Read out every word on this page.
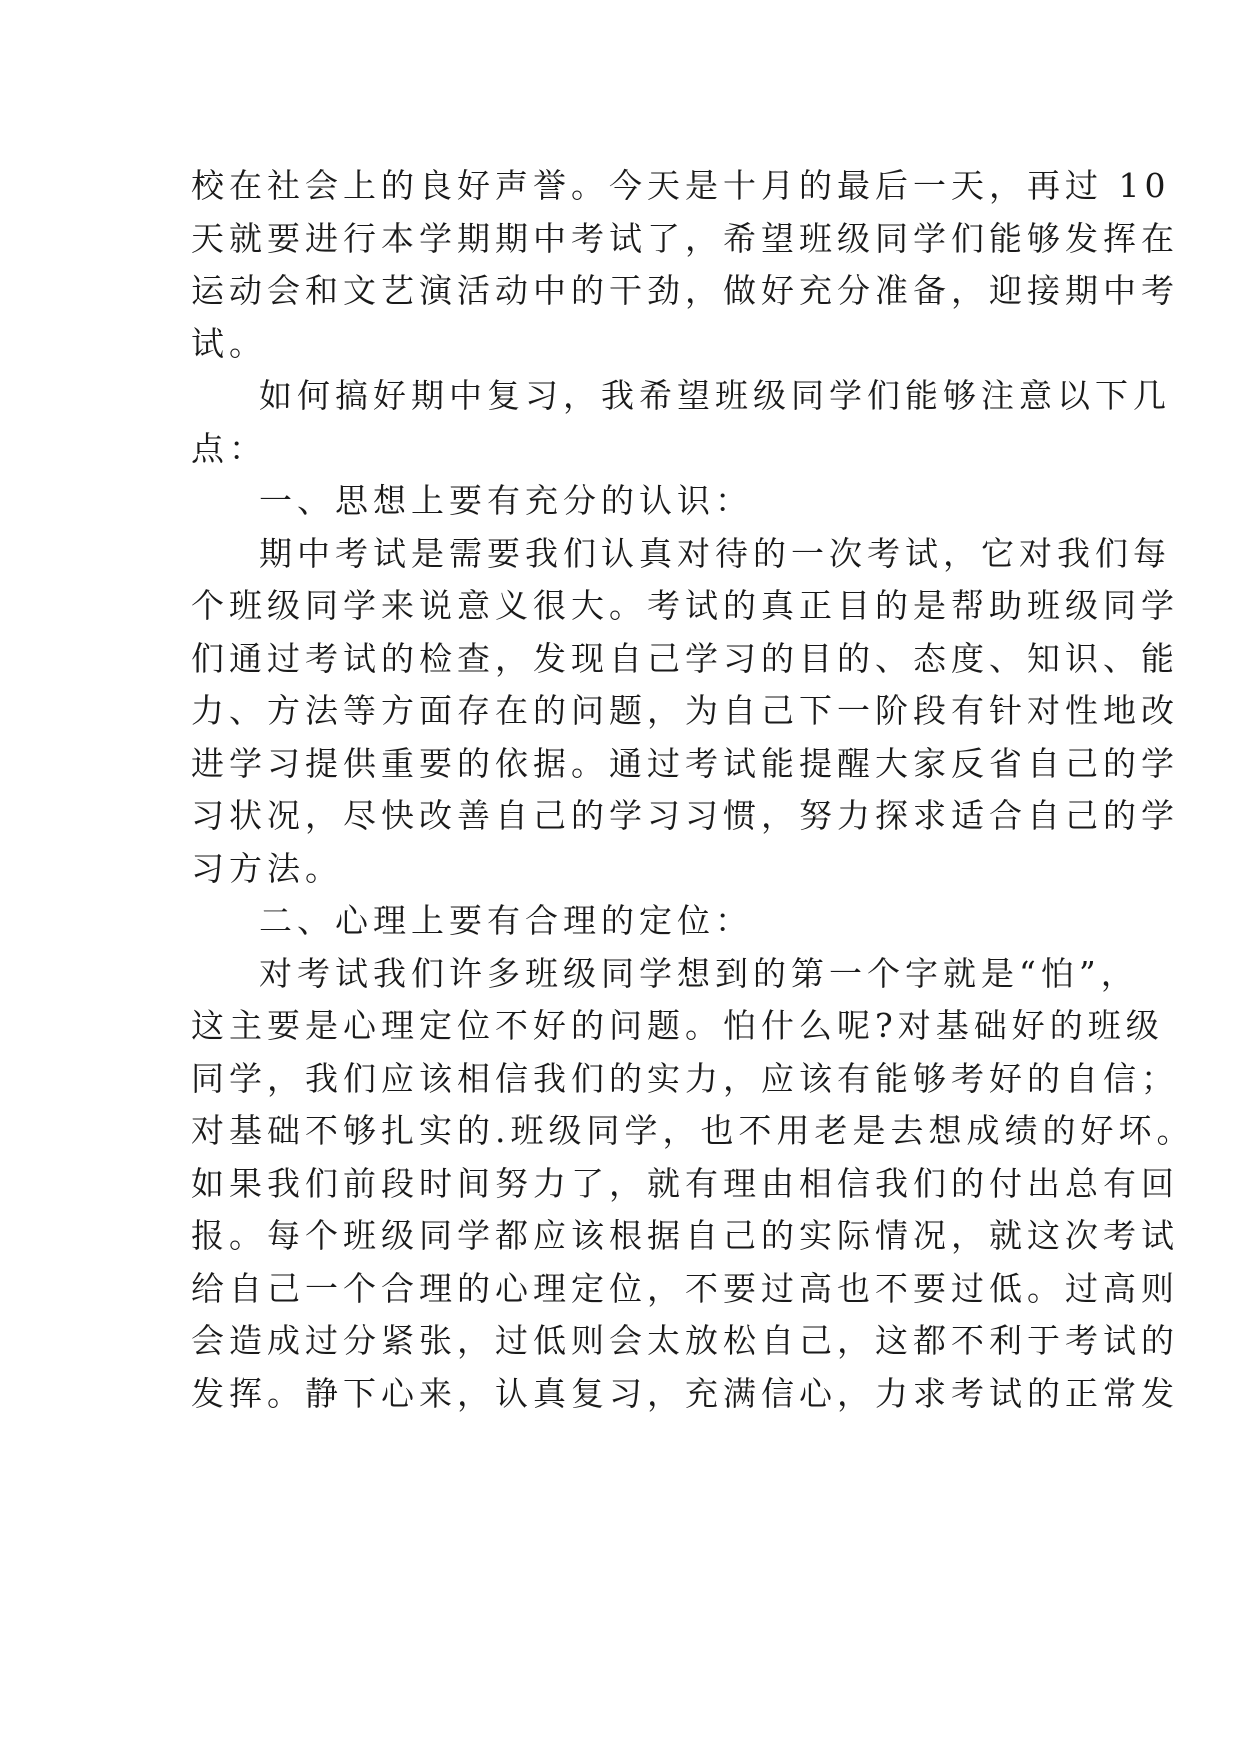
校在社会上的良好声誉。今天是十月的最后一天，再过 10
天就要进行本学期期中考试了，希望班级同学们能够发挥在
运动会和文艺演活动中的干劲，做好充分准备，迎接期中考
试。
如何搞好期中复习，我希望班级同学们能够注意以下几
点：
一、思想上要有充分的认识：
期中考试是需要我们认真对待的一次考试，它对我们每
个班级同学来说意义很大。考试的真正目的是帮助班级同学
们通过考试的检查，发现自己学习的目的、态度、知识、能
力、方法等方面存在的问题，为自己下一阶段有针对性地改
进学习提供重要的依据。通过考试能提醒大家反省自己的学
习状况，尽快改善自己的学习习惯，努力探求适合自己的学
习方法。
二、心理上要有合理的定位：
对考试我们许多班级同学想到的第一个字就是“怕”，
这主要是心理定位不好的问题。怕什么呢?对基础好的班级
同学，我们应该相信我们的实力，应该有能够考好的自信；
对基础不够扎实的.班级同学，也不用老是去想成绩的好坏。
如果我们前段时间努力了，就有理由相信我们的付出总有回
报。每个班级同学都应该根据自己的实际情况，就这次考试
给自己一个合理的心理定位，不要过高也不要过低。过高则
会造成过分紧张，过低则会太放松自己，这都不利于考试的
发挥。静下心来，认真复习，充满信心，力求考试的正常发
